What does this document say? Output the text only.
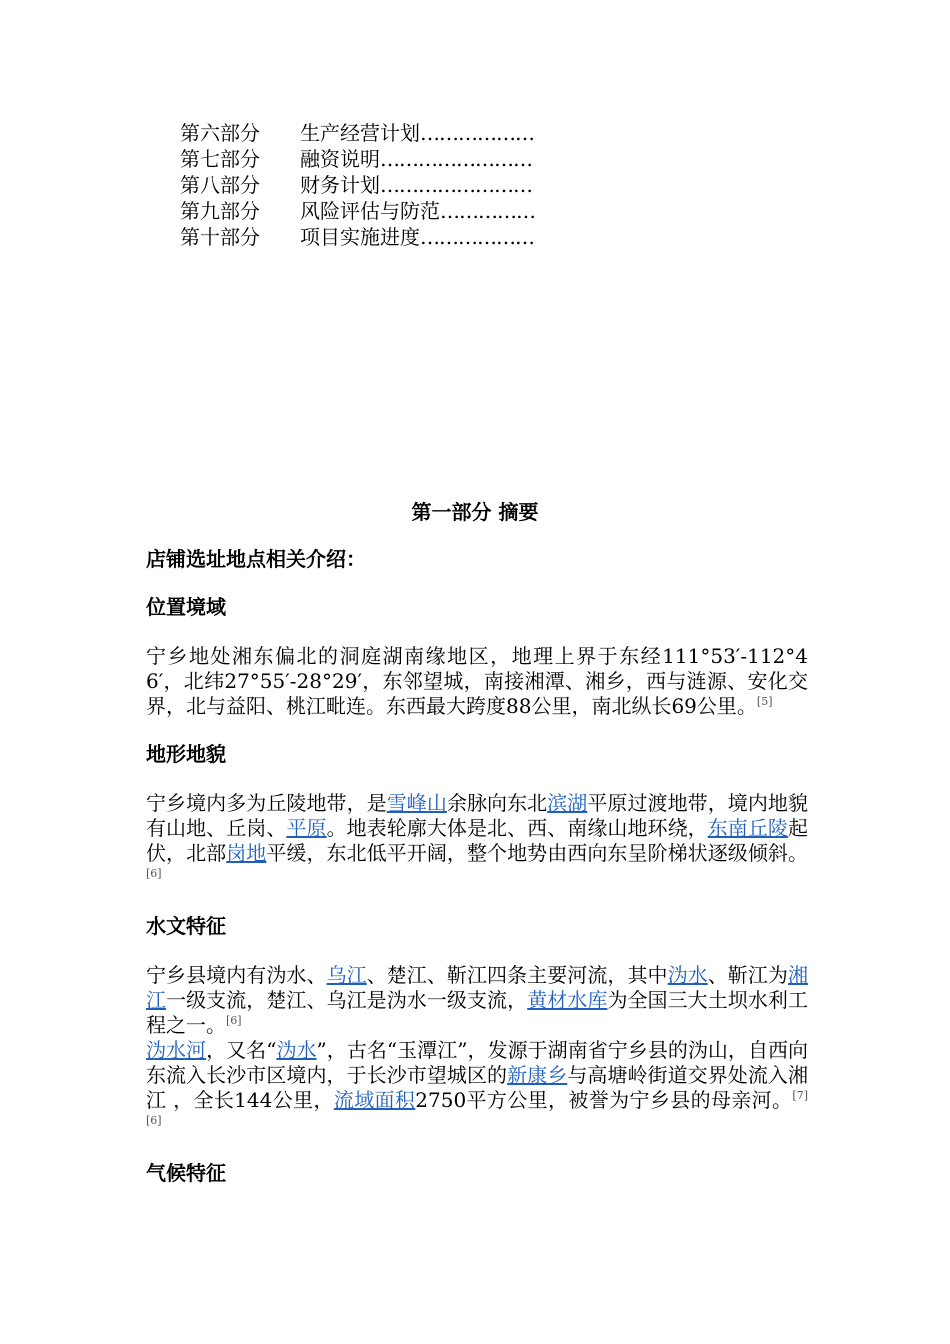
第六部分	生产经营计划 ………………
第七部分	融资说明 ……………………
第八部分	财务计划 ……………………
第九部分	风险评估与防范 ……………
第十部分	项目实施进度 ………………
第一部分 摘要

店铺选址地点相关介绍：

位置境域

宁乡地处湘东偏北的洞庭湖南缘地区，地理上界于东经111°53′-112°46′，北纬27°55′-28°29′，东邻望城，南接湘潭、湘乡，西与涟源、安化交界，北与益阳、桃江毗连。东西最大跨度88公里，南北纵长69公里。[5]

地形地貌

宁乡境内多为丘陵地带，是雪峰山余脉向东北滨湖平原过渡地带，境内地貌有山地、丘岗、平原。地表轮廓大体是北、西、南缘山地环绕，东南丘陵起伏，北部岗地平缓，东北低平开阔，整个地势由西向东呈阶梯状逐级倾斜。[6]

水文特征

宁乡县境内有沩水、乌江、楚江、靳江四条主要河流，其中沩水、靳江为湘江一级支流，楚江、乌江是沩水一级支流，黄材水库为全国三大土坝水利工程之一。[6]

沩水河，又名“沩水”，古名“玉潭江”，发源于湖南省宁乡县的沩山，自西向东流入长沙市区境内，于长沙市望城区的新康乡与高塘岭街道交界处流入湘江 ，全长144公里，流域面积2750平方公里，被誉为宁乡县的母亲河。[7][6]

气候特征
